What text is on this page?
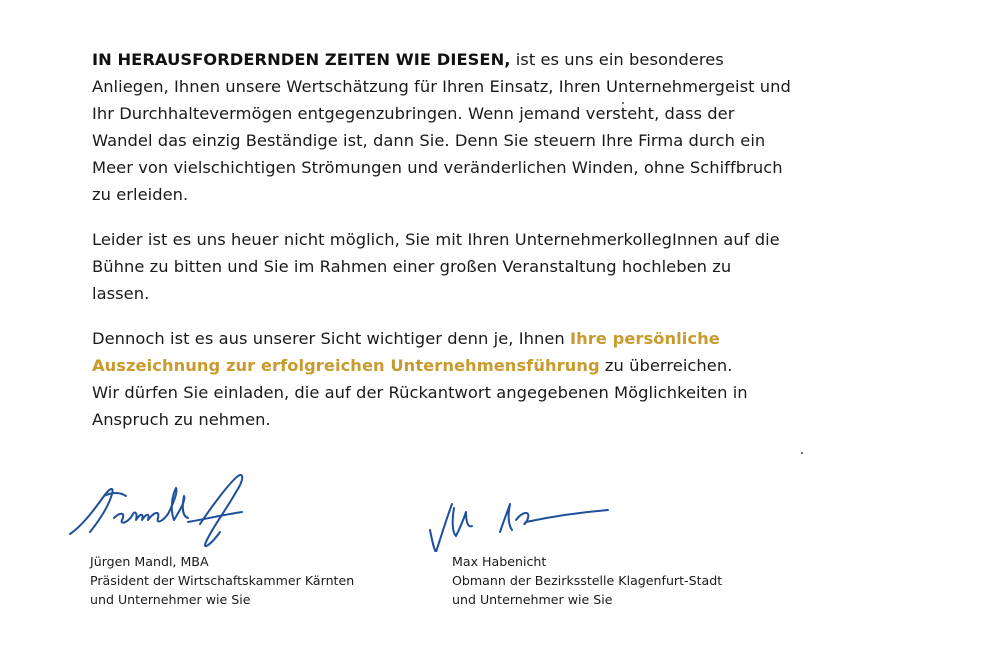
IN HERAUSFORDERNDEN ZEITEN WIE DIESEN, ist es uns ein besonderes Anliegen, Ihnen unsere Wertschätzung für Ihren Einsatz, Ihren Unternehmergeist und Ihr Durchhaltevermögen entgegenzubringen. Wenn jemand versteht, dass der Wandel das einzig Beständige ist, dann Sie. Denn Sie steuern Ihre Firma durch ein Meer von vielschichtigen Strömungen und veränderlichen Winden, ohne Schiffbruch zu erleiden.

Leider ist es uns heuer nicht möglich, Sie mit Ihren UnternehmerkollegInnen auf die Bühne zu bitten und Sie im Rahmen einer großen Veranstaltung hochleben zu lassen.

Dennoch ist es aus unserer Sicht wichtiger denn je, Ihnen Ihre persönliche Auszeichnung zur erfolgreichen Unternehmensführung zu überreichen.
Wir dürfen Sie einladen, die auf der Rückantwort angegebenen Möglichkeiten in Anspruch zu nehmen.

Jürgen Mandl, MBA
Präsident der Wirtschaftskammer Kärnten
und Unternehmer wie Sie
Max Habenicht
Obmann der Bezirksstelle Klagenfurt-Stadt
und Unternehmer wie Sie
